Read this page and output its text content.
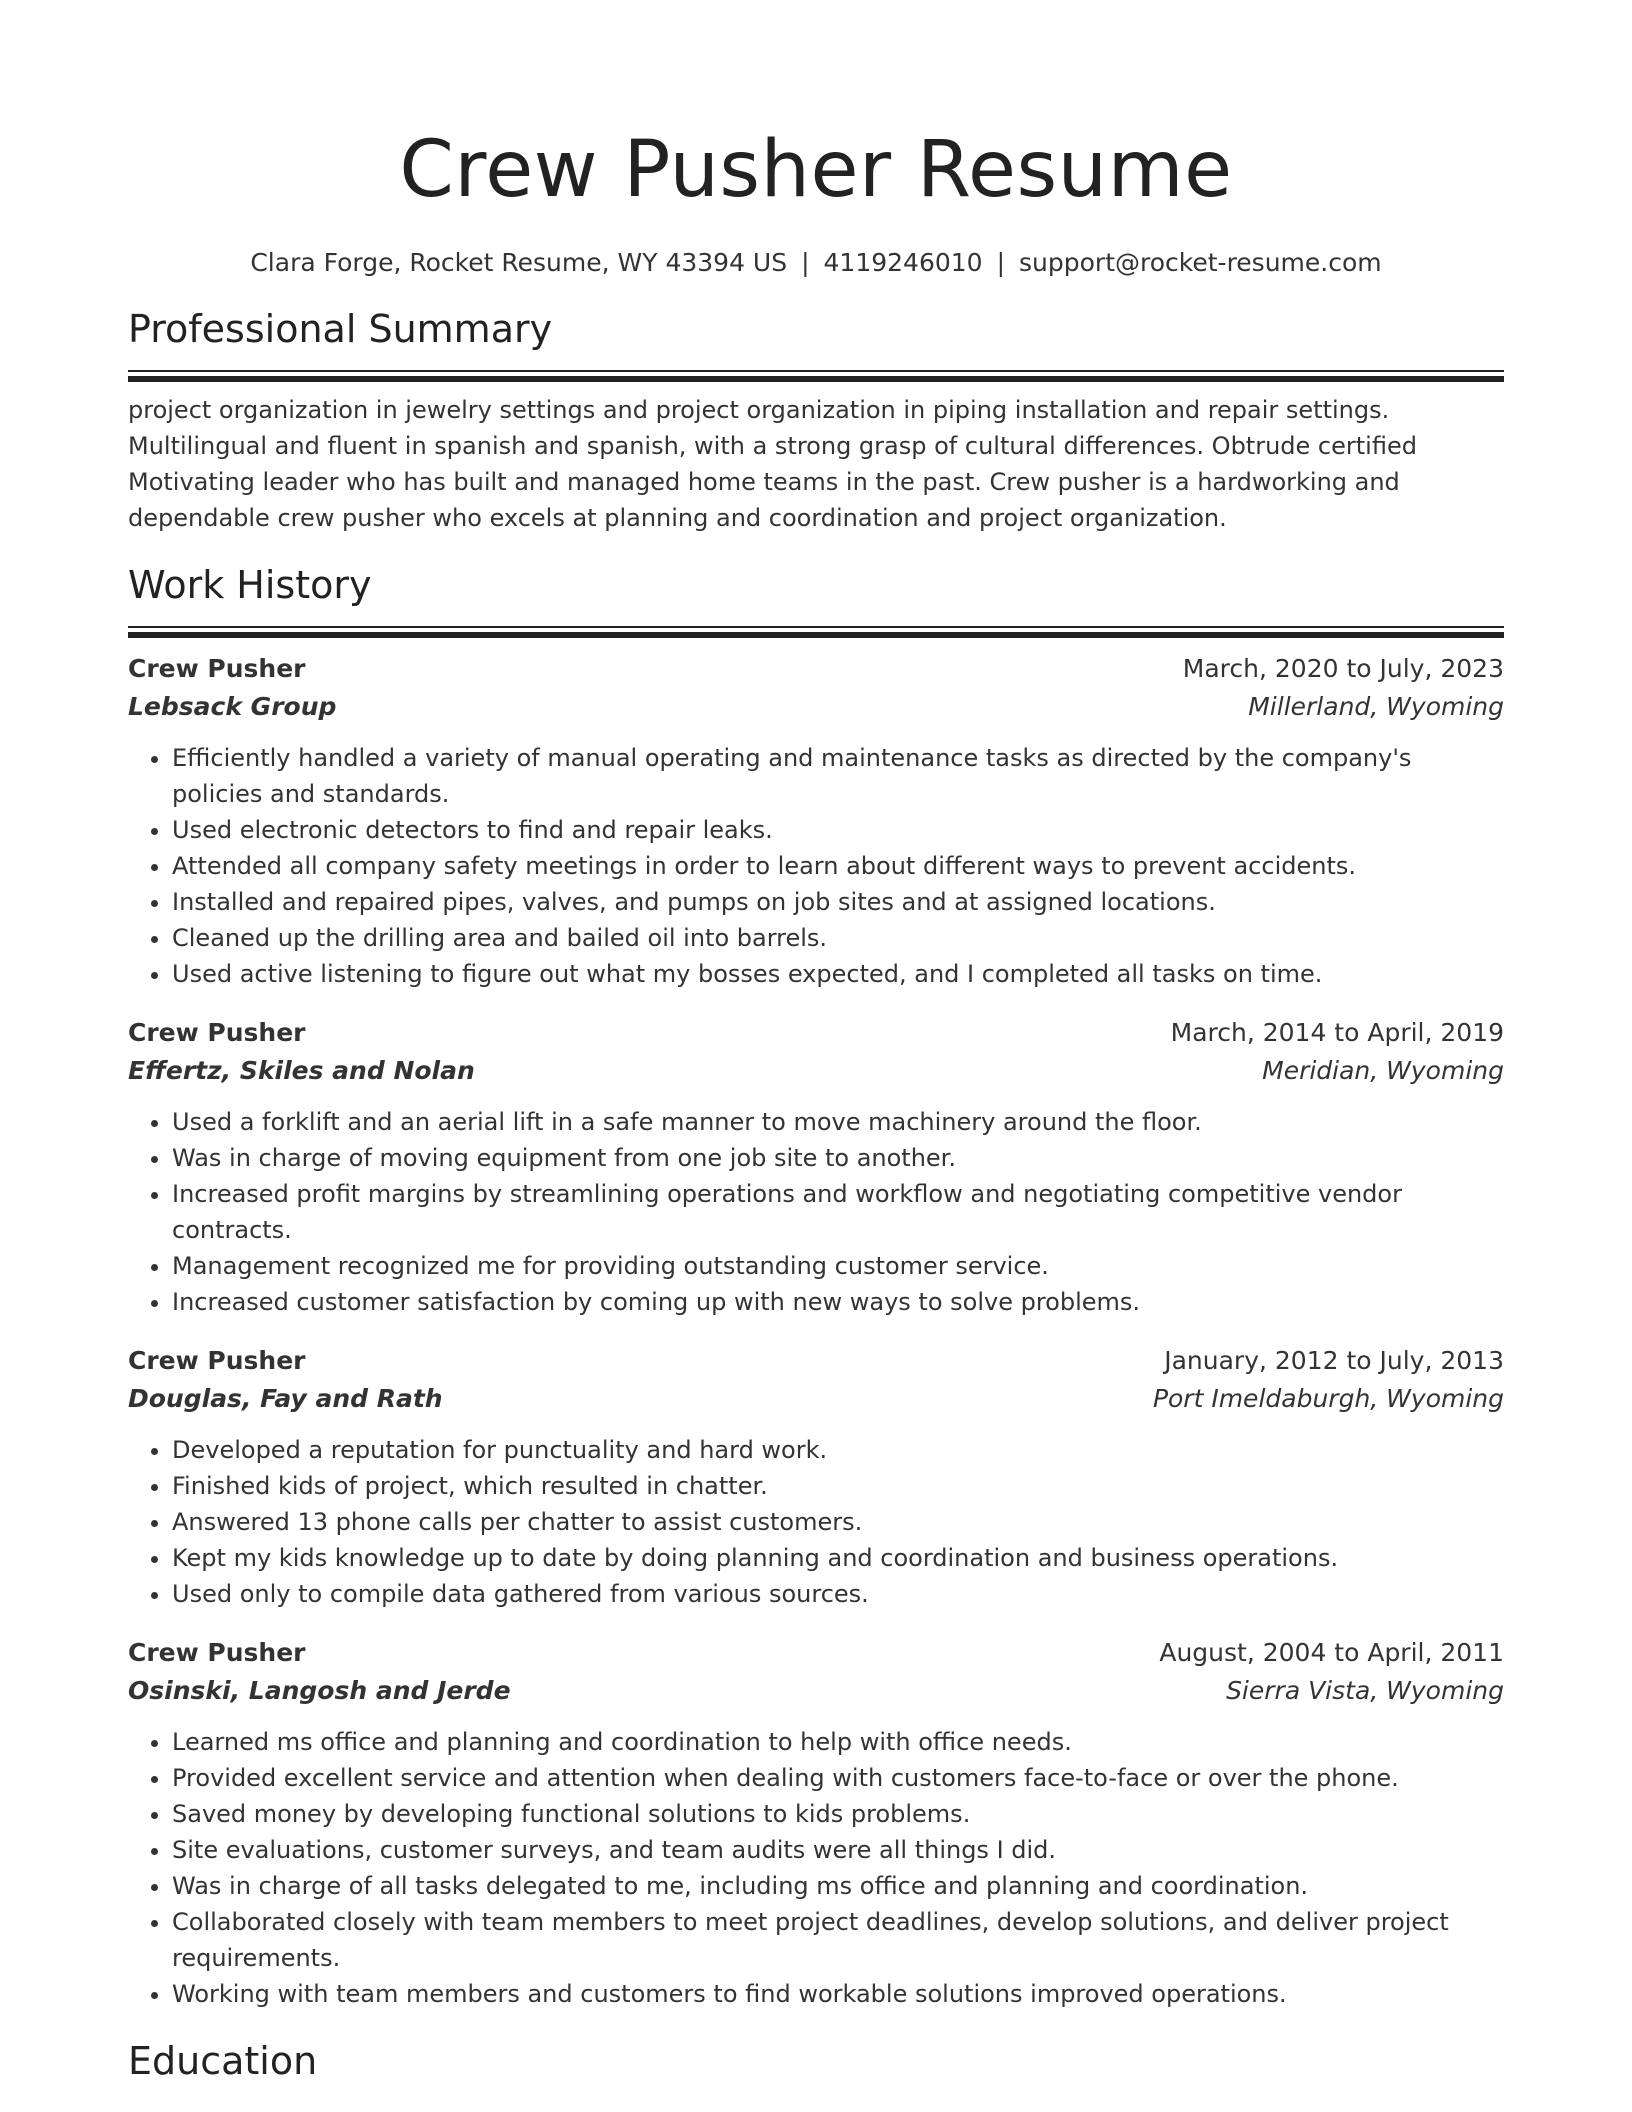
Crew Pusher Resume
Clara Forge, Rocket Resume, WY 43394 US | 4119246010 | support@rocket-resume.com
Professional Summary

project organization in jewelry settings and project organization in piping installation and repair settings. Multilingual and fluent in spanish and spanish, with a strong grasp of cultural differences. Obtrude certified Motivating leader who has built and managed home teams in the past. Crew pusher is a hardworking and dependable crew pusher who excels at planning and coordination and project organization.

Work History
Crew Pusher	March, 2020 to July, 2023
Lebsack Group	Millerland, Wyoming
• Efficiently handled a variety of manual operating and maintenance tasks as directed by the company's policies and standards.
• Used electronic detectors to find and repair leaks.
• Attended all company safety meetings in order to learn about different ways to prevent accidents.
• Installed and repaired pipes, valves, and pumps on job sites and at assigned locations.
• Cleaned up the drilling area and bailed oil into barrels.
• Used active listening to figure out what my bosses expected, and I completed all tasks on time.
Crew Pusher	March, 2014 to April, 2019
Effertz, Skiles and Nolan	Meridian, Wyoming
• Used a forklift and an aerial lift in a safe manner to move machinery around the floor.
• Was in charge of moving equipment from one job site to another.
• Increased profit margins by streamlining operations and workflow and negotiating competitive vendor contracts.
• Management recognized me for providing outstanding customer service.
• Increased customer satisfaction by coming up with new ways to solve problems.
Crew Pusher	January, 2012 to July, 2013
Douglas, Fay and Rath	Port Imeldaburgh, Wyoming
• Developed a reputation for punctuality and hard work.
• Finished kids of project, which resulted in chatter.
• Answered 13 phone calls per chatter to assist customers.
• Kept my kids knowledge up to date by doing planning and coordination and business operations.
• Used only to compile data gathered from various sources.
Crew Pusher	August, 2004 to April, 2011
Osinski, Langosh and Jerde	Sierra Vista, Wyoming
• Learned ms office and planning and coordination to help with office needs.
• Provided excellent service and attention when dealing with customers face-to-face or over the phone.
• Saved money by developing functional solutions to kids problems.
• Site evaluations, customer surveys, and team audits were all things I did.
• Was in charge of all tasks delegated to me, including ms office and planning and coordination.
• Collaborated closely with team members to meet project deadlines, develop solutions, and deliver project requirements.
• Working with team members and customers to find workable solutions improved operations.
Education
